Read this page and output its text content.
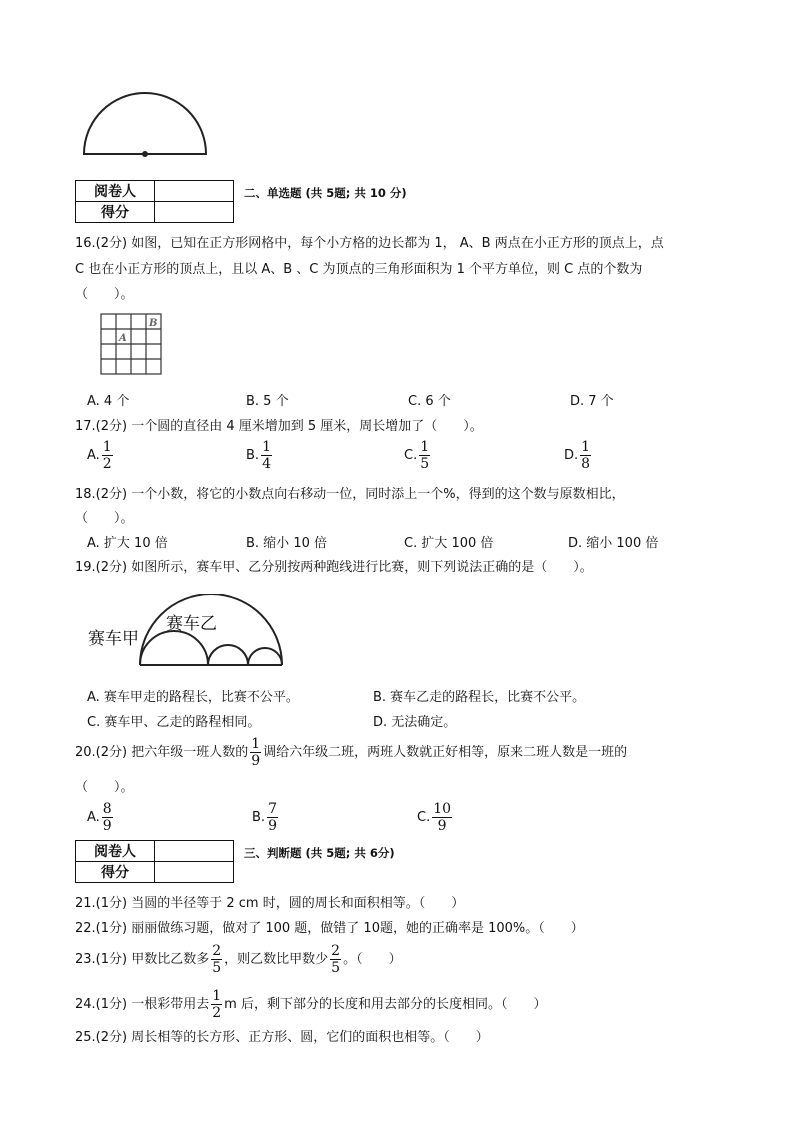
阅卷人	
得分	
二、单选题 (共 5题; 共 10 分)
16.(2分) 如图，已知在正方形网格中，每个小方格的边长都为 1， A、B 两点在小正方形的顶点上，点
C 也在小正方形的顶点上，且以 A、B 、C 为顶点的三角形面积为 1 个平方单位，则 C 点的个数为
（　　）。
B
A
A. 4 个	B. 5 个	C. 6 个	D. 7 个
17.(2分) 一个圆的直径由 4 厘米增加到 5 厘米，周长增加了（　　）。
A. $\frac{1}{2}$	B. $\frac{1}{4}$	C. $\frac{1}{5}$	D. $\frac{1}{8}$
18.(2分) 一个小数，将它的小数点向右移动一位，同时添上一个%，得到的这个数与原数相比，
（　　）。
A. 扩大 10 倍	B. 缩小 10 倍	C. 扩大 100 倍	D. 缩小 100 倍
19.(2分) 如图所示，赛车甲、乙分别按两种跑线进行比赛，则下列说法正确的是（　　）。
赛车甲
赛车乙
A. 赛车甲走的路程长，比赛不公平。	B. 赛车乙走的路程长，比赛不公平。
C. 赛车甲、乙走的路程相同。	D. 无法确定。
20.(2分) 把六年级一班人数的 $\frac{1}{9}$ 调给六年级二班，两班人数就正好相等，原来二班人数是一班的
（　　）。
A. $\frac{8}{9}$	B. $\frac{7}{9}$	C. $\frac{10}{9}$
阅卷人	
得分	
三、判断题 (共 5题; 共 6分)
21.(1分) 当圆的半径等于 2 cm 时，圆的周长和面积相等。（　　）
22.(1分) 丽丽做练习题，做对了 100 题，做错了 10题，她的正确率是 100%。（　　）
23.(1分) 甲数比乙数多 $\frac{2}{5}$ ，则乙数比甲数少 $\frac{2}{5}$ 。（　　）
24.(1分) 一根彩带用去 $\frac{1}{2}$ m 后，剩下部分的长度和用去部分的长度相同。（　　）
25.(2分) 周长相等的长方形、正方形、圆，它们的面积也相等。（　　）
